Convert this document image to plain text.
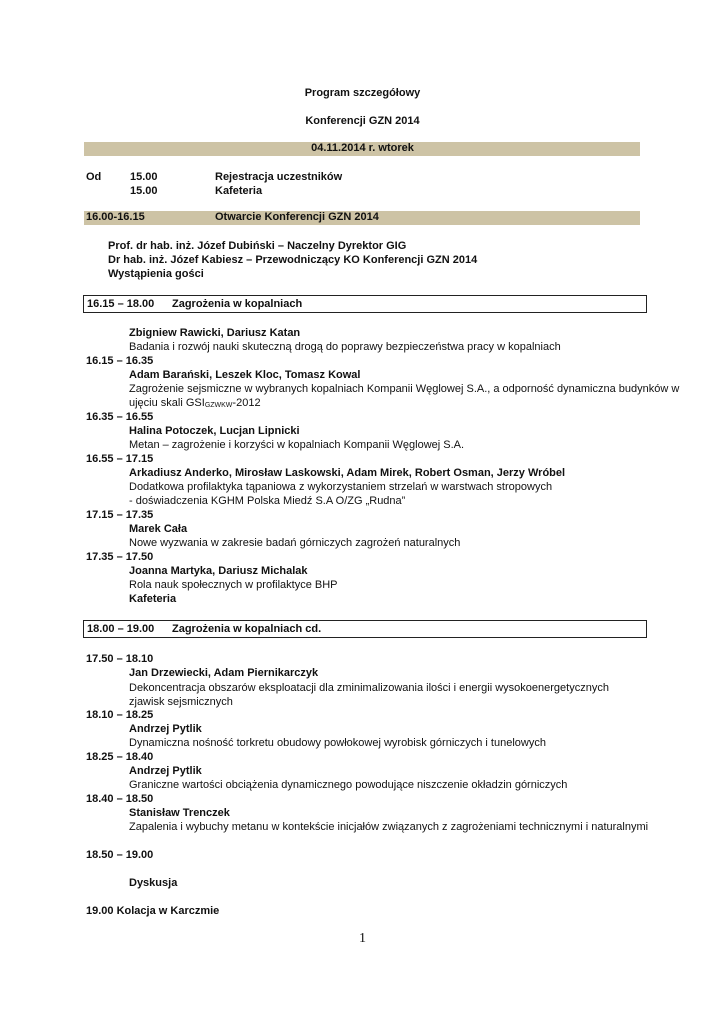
Program szczegółowy
Konferencji GZN 2014
04.11.2014 r. wtorek
Od	15.00	Rejestracja uczestników
15.00	Kafeteria
16.00-16.15	Otwarcie Konferencji GZN 2014
Prof. dr hab. inż. Józef Dubiński – Naczelny Dyrektor GIG
Dr hab. inż. Józef Kabiesz – Przewodniczący KO Konferencji GZN 2014
Wystąpienia gości
16.15 – 18.00 Zagrożenia w kopalniach
Zbigniew Rawicki, Dariusz Katan
Badania i rozwój nauki skuteczną drogą do poprawy bezpieczeństwa pracy w kopalniach
16.15 – 16.35
Adam Barański, Leszek Kloc, Tomasz Kowal
Zagrożenie sejsmiczne w wybranych kopalniach Kompanii Węglowej S.A., a odporność dynamiczna budynków w
ujęciu skali $GSI_{GZWKW}-2012$
16.35 – 16.55
Halina Potoczek, Lucjan Lipnicki
Metan – zagrożenie i korzyści w kopalniach Kompanii Węglowej S.A.
16.55 – 17.15
Arkadiusz Anderko, Mirosław Laskowski, Adam Mirek, Robert Osman, Jerzy Wróbel
Dodatkowa profilaktyka tąpaniowa z wykorzystaniem strzelań w warstwach stropowych
- doświadczenia KGHM Polska Miedź S.A O/ZG „Rudna”
17.15 – 17.35
Marek Cała
Nowe wyzwania w zakresie badań górniczych zagrożeń naturalnych
17.35 – 17.50
Joanna Martyka, Dariusz Michalak
Rola nauk społecznych w profilaktyce BHP
Kafeteria
18.00 – 19.00 Zagrożenia w kopalniach cd.
17.50 – 18.10
Jan Drzewiecki, Adam Piernikarczyk
Dekoncentracja obszarów eksploatacji dla zminimalizowania ilości i energii wysokoenergetycznych zjawisk sejsmicznych
18.10 – 18.25
Andrzej Pytlik
Dynamiczna nośność torkretu obudowy powłokowej wyrobisk górniczych i tunelowych
18.25 – 18.40
Andrzej Pytlik
Graniczne wartości obciążenia dynamicznego powodujące niszczenie okładzin górniczych
18.40 – 18.50
Stanisław Trenczek
Zapalenia i wybuchy metanu w kontekście inicjałów związanych z zagrożeniami technicznymi i naturalnymi
18.50 – 19.00
Dyskusja
19.00 Kolacja w Karczmie
1
